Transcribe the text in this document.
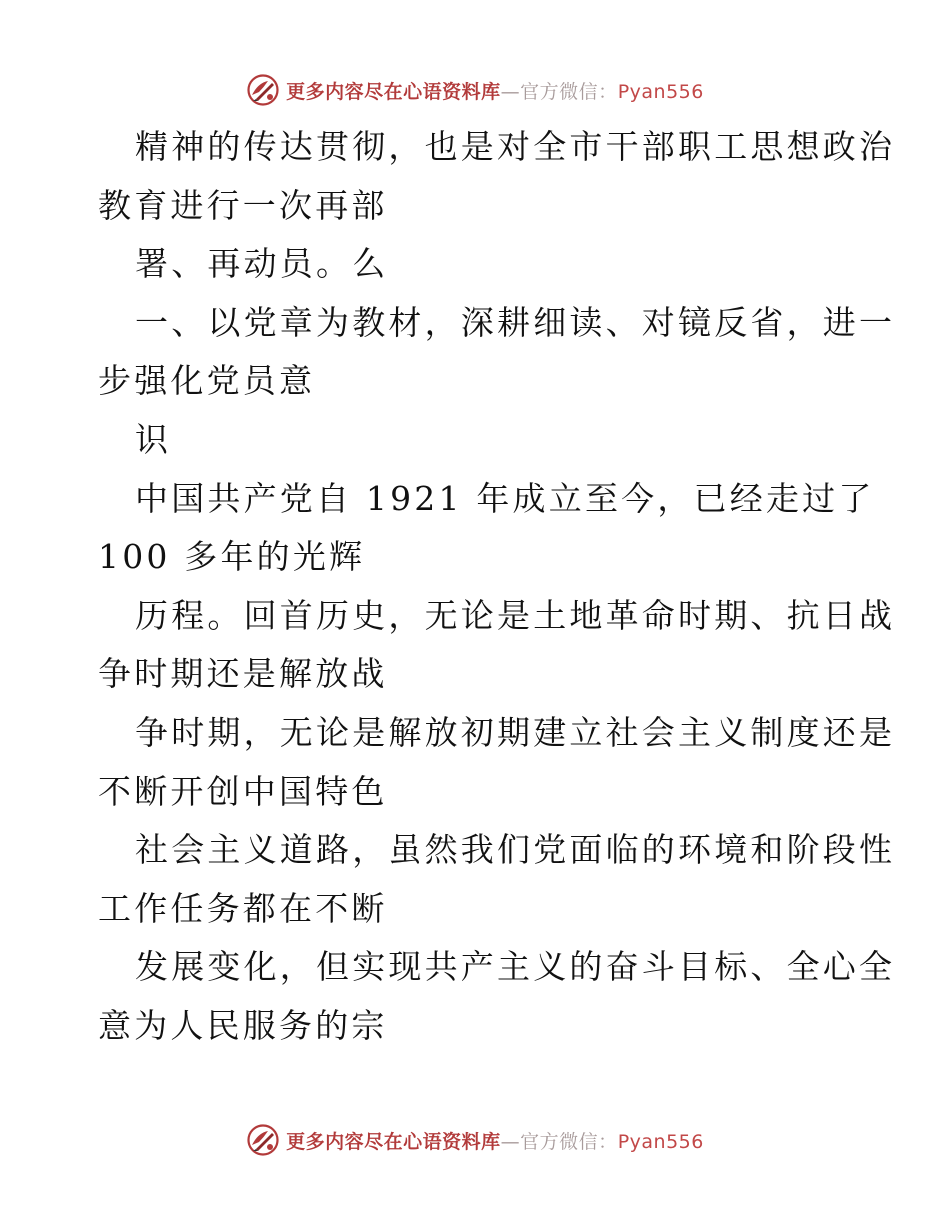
更多内容尽在心语资料库—官方微信：Pyan556
精神的传达贯彻，也是对全市干部职工思想政治
教育进行一次再部
署、再动员。么
一、以党章为教材，深耕细读、对镜反省，进一
步强化党员意
识
中国共产党自 1921 年成立至今，已经走过了
100 多年的光辉
历程。回首历史，无论是土地革命时期、抗日战
争时期还是解放战
争时期，无论是解放初期建立社会主义制度还是
不断开创中国特色
社会主义道路，虽然我们党面临的环境和阶段性
工作任务都在不断
发展变化，但实现共产主义的奋斗目标、全心全
意为人民服务的宗
更多内容尽在心语资料库—官方微信：Pyan556
